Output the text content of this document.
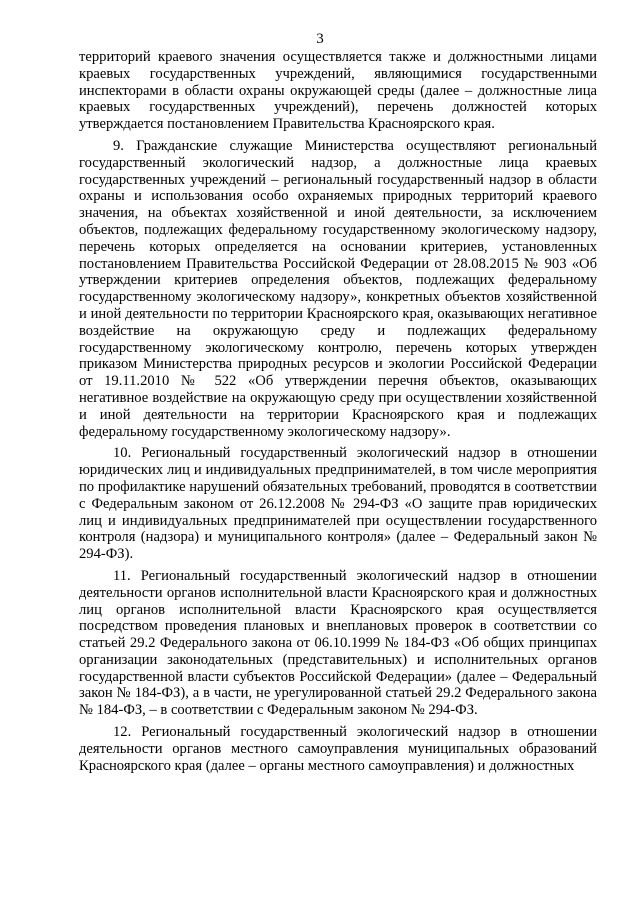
3

территорий краевого значения осуществляется также и должностными лицами краевых государственных учреждений, являющимися государственными инспекторами в области охраны окружающей среды (далее – должностные лица краевых государственных учреждений), перечень должностей которых утверждается постановлением Правительства Красноярского края.

9. Гражданские служащие Министерства осуществляют региональный государственный экологический надзор, а должностные лица краевых государственных учреждений – региональный государственный надзор в области охраны и использования особо охраняемых природных территорий краевого значения, на объектах хозяйственной и иной деятельности, за исключением объектов, подлежащих федеральному государственному экологическому надзору, перечень которых определяется на основании критериев, установленных постановлением Правительства Российской Федерации от 28.08.2015 № 903 «Об утверждении критериев определения объектов, подлежащих федеральному государственному экологическому надзору», конкретных объектов хозяйственной и иной деятельности по территории Красноярского края, оказывающих негативное воздействие на окружающую среду и подлежащих федеральному государственному экологическому контролю, перечень которых утвержден приказом Министерства природных ресурсов и экологии Российской Федерации от 19.11.2010 № 522 «Об утверждении перечня объектов, оказывающих негативное воздействие на окружающую среду при осуществлении хозяйственной и иной деятельности на территории Красноярского края и подлежащих федеральному государственному экологическому надзору».

10. Региональный государственный экологический надзор в отношении юридических лиц и индивидуальных предпринимателей, в том числе мероприятия по профилактике нарушений обязательных требований, проводятся в соответствии с Федеральным законом от 26.12.2008 № 294-ФЗ «О защите прав юридических лиц и индивидуальных предпринимателей при осуществлении государственного контроля (надзора) и муниципального контроля» (далее – Федеральный закон № 294-ФЗ).

11. Региональный государственный экологический надзор в отношении деятельности органов исполнительной власти Красноярского края и должностных лиц органов исполнительной власти Красноярского края осуществляется посредством проведения плановых и внеплановых проверок в соответствии со статьей 29.2 Федерального закона от 06.10.1999 № 184-ФЗ «Об общих принципах организации законодательных (представительных) и исполнительных органов государственной власти субъектов Российской Федерации» (далее – Федеральный закон № 184-ФЗ), а в части, не урегулированной статьей 29.2 Федерального закона № 184-ФЗ, – в соответствии с Федеральным законом № 294-ФЗ.

12. Региональный государственный экологический надзор в отношении деятельности органов местного самоуправления муниципальных образований Красноярского края (далее – органы местного самоуправления) и должностных
